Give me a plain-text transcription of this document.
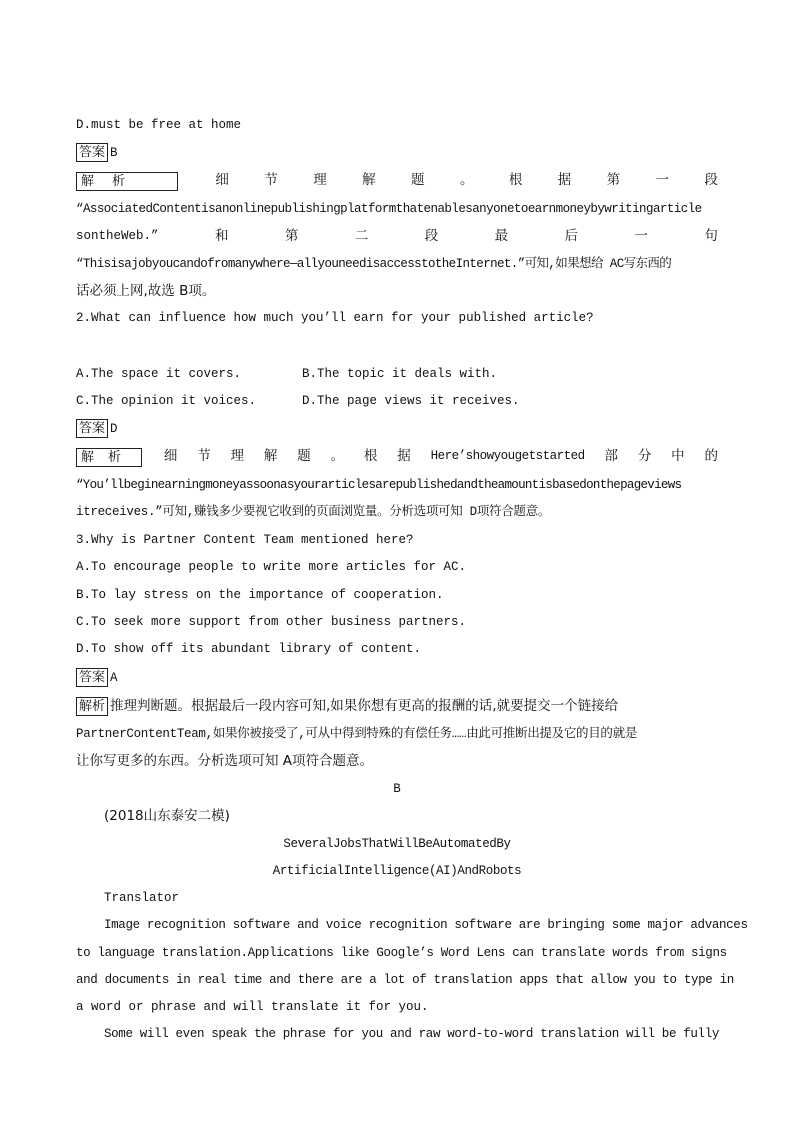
D.must be free at home
答案 B
解析	细	节	理	解	题	。	根	据	第	一	段
“AssociatedContentisanonlinepublishingplatformthatenablesanyonetoearnmoneybywritingarticle
sontheWeb.”	和	第	二	段	最	后	一	句
“Thisisajobyoucandofromanywhere—allyouneedisaccesstotheInternet.”可知,如果想给 AC写东西的
话必须上网,故选 B项。
2.What can influence how much you’ll earn for your published article?
A.The space it covers.	B.The topic it deals with.
C.The opinion it voices.	D.The page views it receives.
答案 D
解析	细 节 理 解 题 。 根 据 Here’showyougetstarted 部 分 中 的
“You’llbeginearningmoneyassoonasyourarticlesarepublishedandtheamountisbasedonthepageviews
itreceives.”可知,赚钱多少要视它收到的页面浏览量。分析选项可知 D项符合题意。
3.Why is Partner Content Team mentioned here?
A.To encourage people to write more articles for AC.
B.To lay stress on the importance of cooperation.
C.To seek more support from other business partners.
D.To show off its abundant library of content.
答案 A
解析 推理判断题。根据最后一段内容可知,如果你想有更高的报酬的话,就要提交一个链接给
PartnerContentTeam,如果你被接受了,可从中得到特殊的有偿任务……由此可推断出提及它的目的就是
让你写更多的东西。分析选项可知 A项符合题意。
B
(2018山东泰安二模)
SeveralJobsThatWillBeAutomatedBy
ArtificialIntelligence(AI)AndRobots
Translator
Image recognition software and voice recognition software are bringing some major advances
to language translation.Applications like Google’s Word Lens can translate words from signs
and documents in real time and there are a lot of translation apps that allow you to type in
a word or phrase and will translate it for you.
Some will even speak the phrase for you and raw word-to-word translation will be fully
